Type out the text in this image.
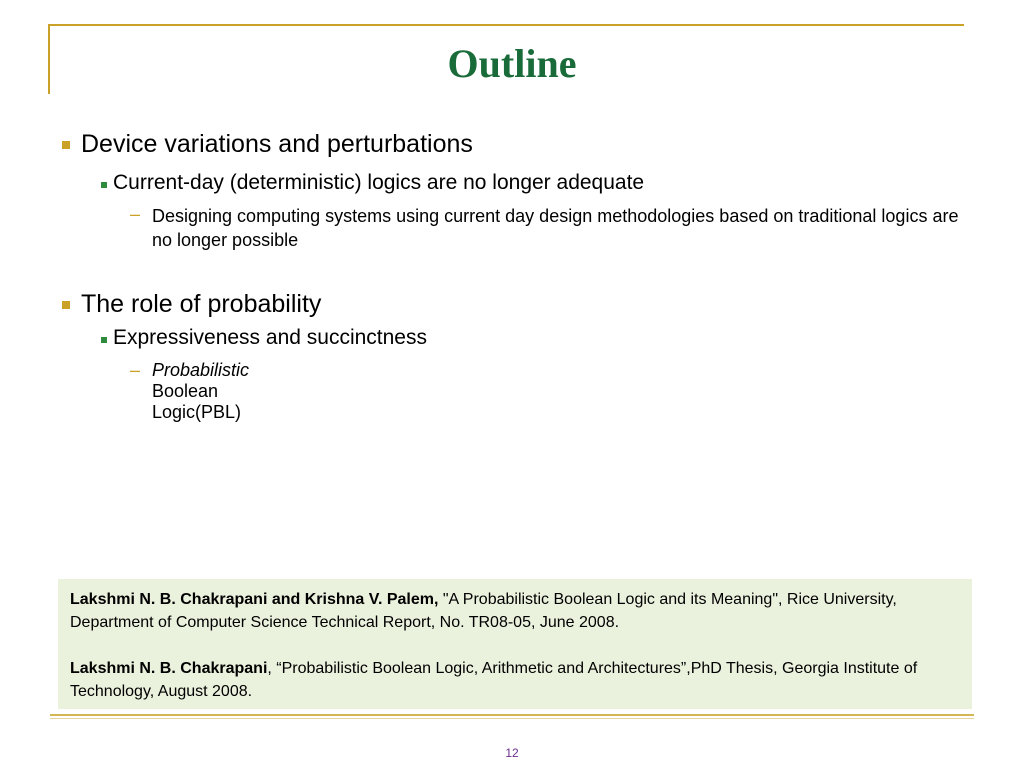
Outline
Device variations and perturbations
Current-day (deterministic) logics are no longer adequate
– Designing computing systems using current day design methodologies based on traditional logics are no longer possible
The role of probability
Expressiveness and succinctness
– Probabilistic Boolean Logic(PBL)

Lakshmi N. B. Chakrapani and Krishna V. Palem, "A Probabilistic Boolean Logic and its Meaning", Rice University, Department of Computer Science Technical Report, No. TR08-05, June 2008.

Lakshmi N. B. Chakrapani, “Probabilistic Boolean Logic, Arithmetic and Architectures”,PhD Thesis, Georgia Institute of Technology, August 2008.

12
